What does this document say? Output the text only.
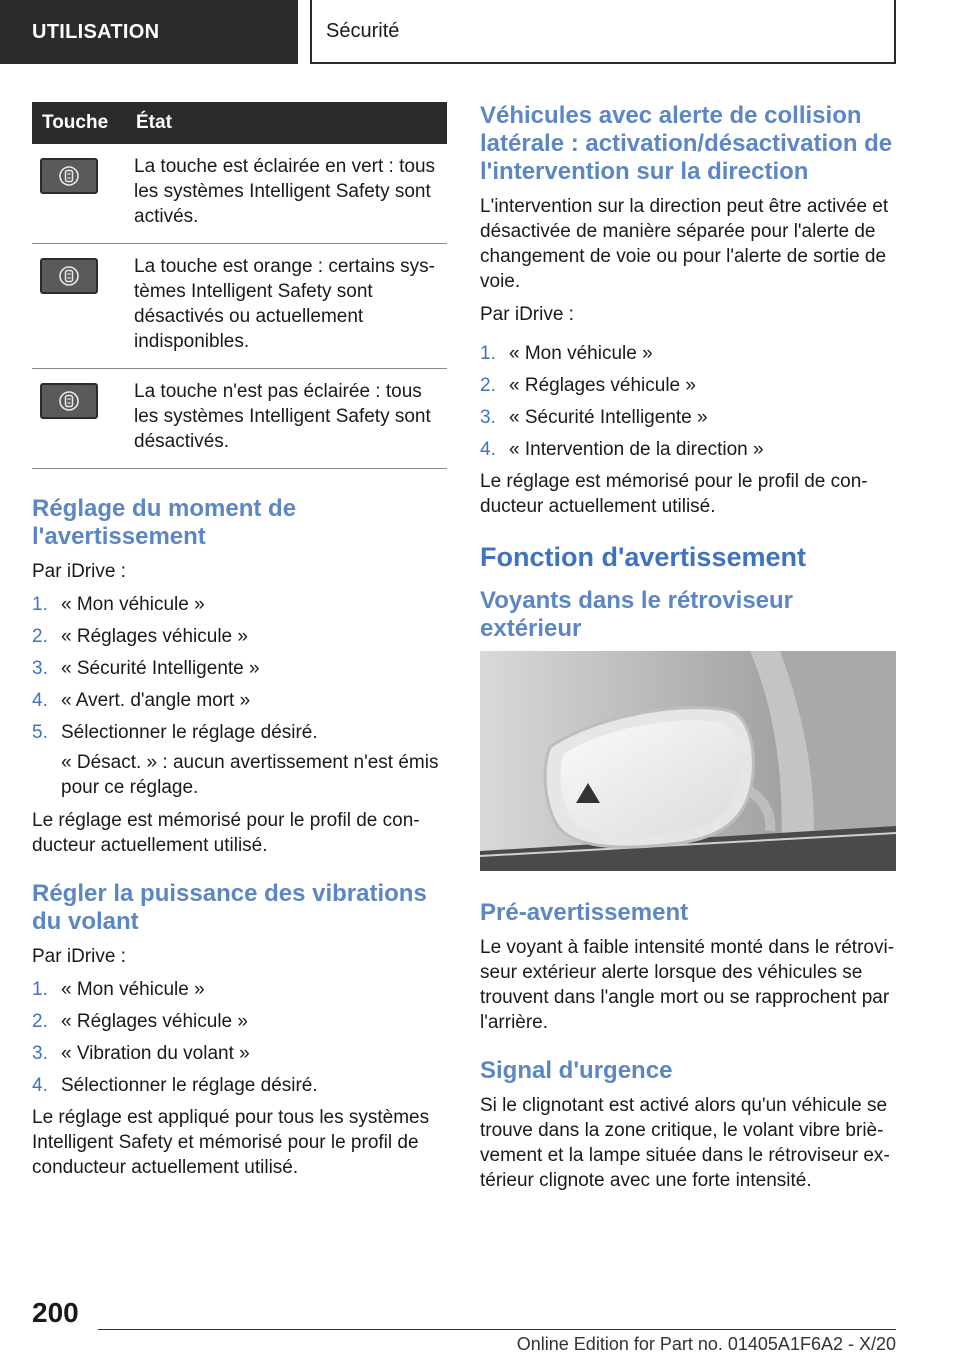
UTILISATION	Sécurité
Touche	État

	La touche est éclairée en vert : tous les systèmes Intelligent Safety sont activés.

	La touche est orange : certains systèmes Intelligent Safety sont désactivés ou actuellement indisponibles.

	La touche n'est pas éclairée : tous les systèmes Intelligent Safety sont désactivés.
Réglage du moment de l'avertissement

Par iDrive :

1. « Mon véhicule »
2. « Réglages véhicule »
3. « Sécurité Intelligente »
4. « Avert. d'angle mort »
5. Sélectionner le réglage désiré.
« Désact. » : aucun avertissement n'est émis pour ce réglage.

Le réglage est mémorisé pour le profil de conducteur actuellement utilisé.

Régler la puissance des vibrations du volant

Par iDrive :

1. « Mon véhicule »
2. « Réglages véhicule »
3. « Vibration du volant »
4. Sélectionner le réglage désiré.

Le réglage est appliqué pour tous les systèmes Intelligent Safety et mémorisé pour le profil de conducteur actuellement utilisé.

Véhicules avec alerte de collision latérale : activation/désactivation de l'intervention sur la direction

L'intervention sur la direction peut être activée et désactivée de manière séparée pour l'alerte de changement de voie ou pour l'alerte de sortie de voie.

Par iDrive :

1. « Mon véhicule »
2. « Réglages véhicule »
3. « Sécurité Intelligente »
4. « Intervention de la direction »

Le réglage est mémorisé pour le profil de conducteur actuellement utilisé.

Fonction d'avertissement
Voyants dans le rétroviseur extérieur
Pré-avertissement

Le voyant à faible intensité monté dans le rétroviseur extérieur alerte lorsque des véhicules se trouvent dans l'angle mort ou se rapprochent par l'arrière.

Signal d'urgence

Si le clignotant est activé alors qu'un véhicule se trouve dans la zone critique, le volant vibre brièvement et la lampe située dans le rétroviseur extérieur clignote avec une forte intensité.

200
Online Edition for Part no. 01405A1F6A2 - X/20
